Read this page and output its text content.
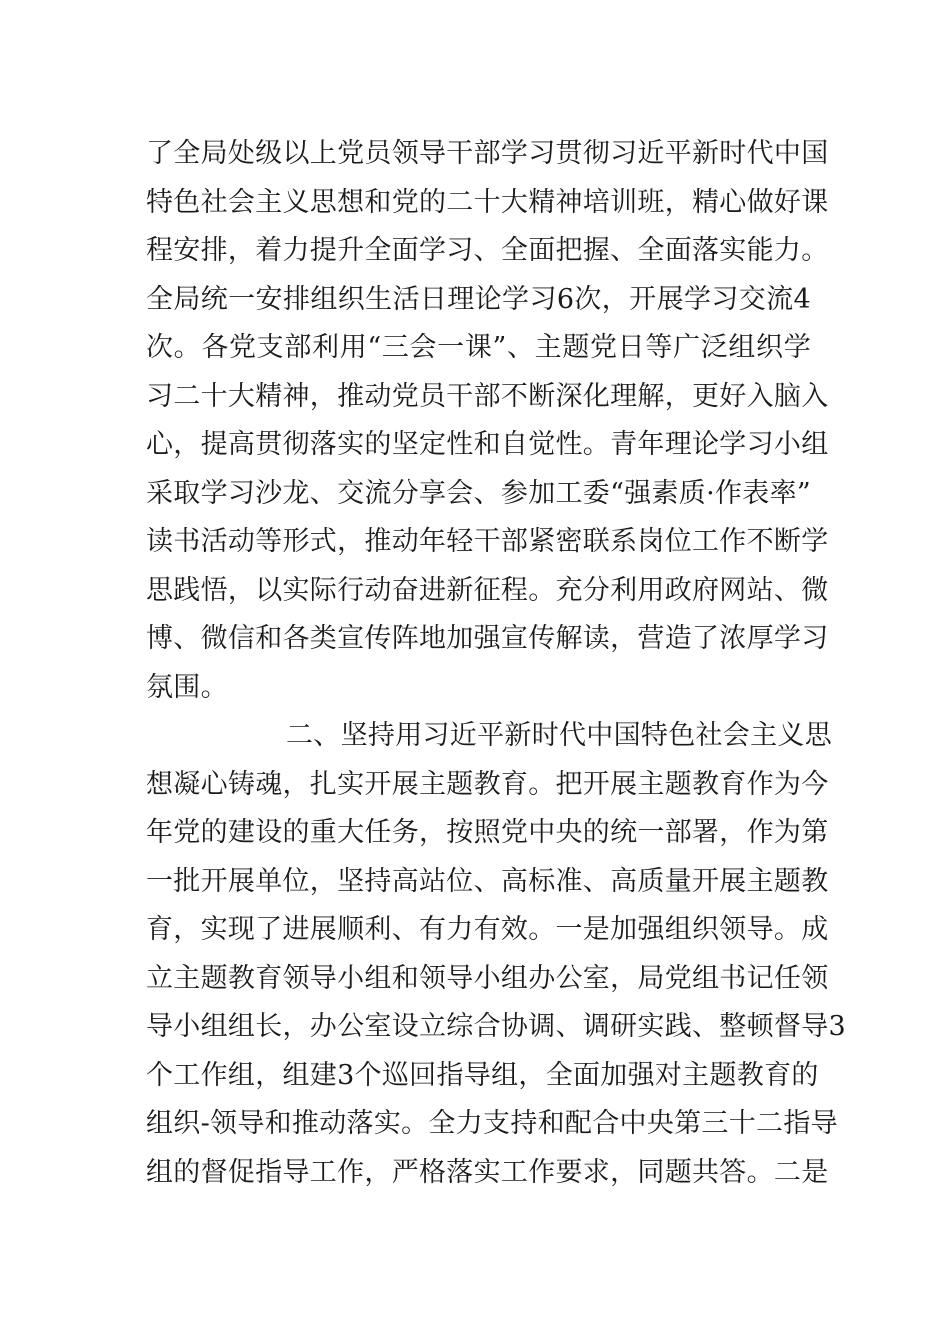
了全局处级以上党员领导干部学习贯彻习近平新时代中国
特色社会主义思想和党的二十大精神培训班，精心做好课
程安排，着力提升全面学习、全面把握、全面落实能力。
全局统一安排组织生活日理论学习6次，开展学习交流4
次。各党支部利用“三会一课”、主题党日等广泛组织学
习二十大精神，推动党员干部不断深化理解，更好入脑入
心，提高贯彻落实的坚定性和自觉性。青年理论学习小组
采取学习沙龙、交流分享会、参加工委“强素质·作表率”
读书活动等形式，推动年轻干部紧密联系岗位工作不断学
思践悟，以实际行动奋进新征程。充分利用政府网站、微
博、微信和各类宣传阵地加强宣传解读，营造了浓厚学习
氛围。
二、坚持用习近平新时代中国特色社会主义思
想凝心铸魂，扎实开展主题教育。把开展主题教育作为今
年党的建设的重大任务，按照党中央的统一部署，作为第
一批开展单位，坚持高站位、高标准、高质量开展主题教
育，实现了进展顺利、有力有效。一是加强组织领导。成
立主题教育领导小组和领导小组办公室，局党组书记任领
导小组组长，办公室设立综合协调、调研实践、整顿督导3
个工作组，组建3个巡回指导组，全面加强对主题教育的
组织-领导和推动落实。全力支持和配合中央第三十二指导
组的督促指导工作，严格落实工作要求，同题共答。二是
